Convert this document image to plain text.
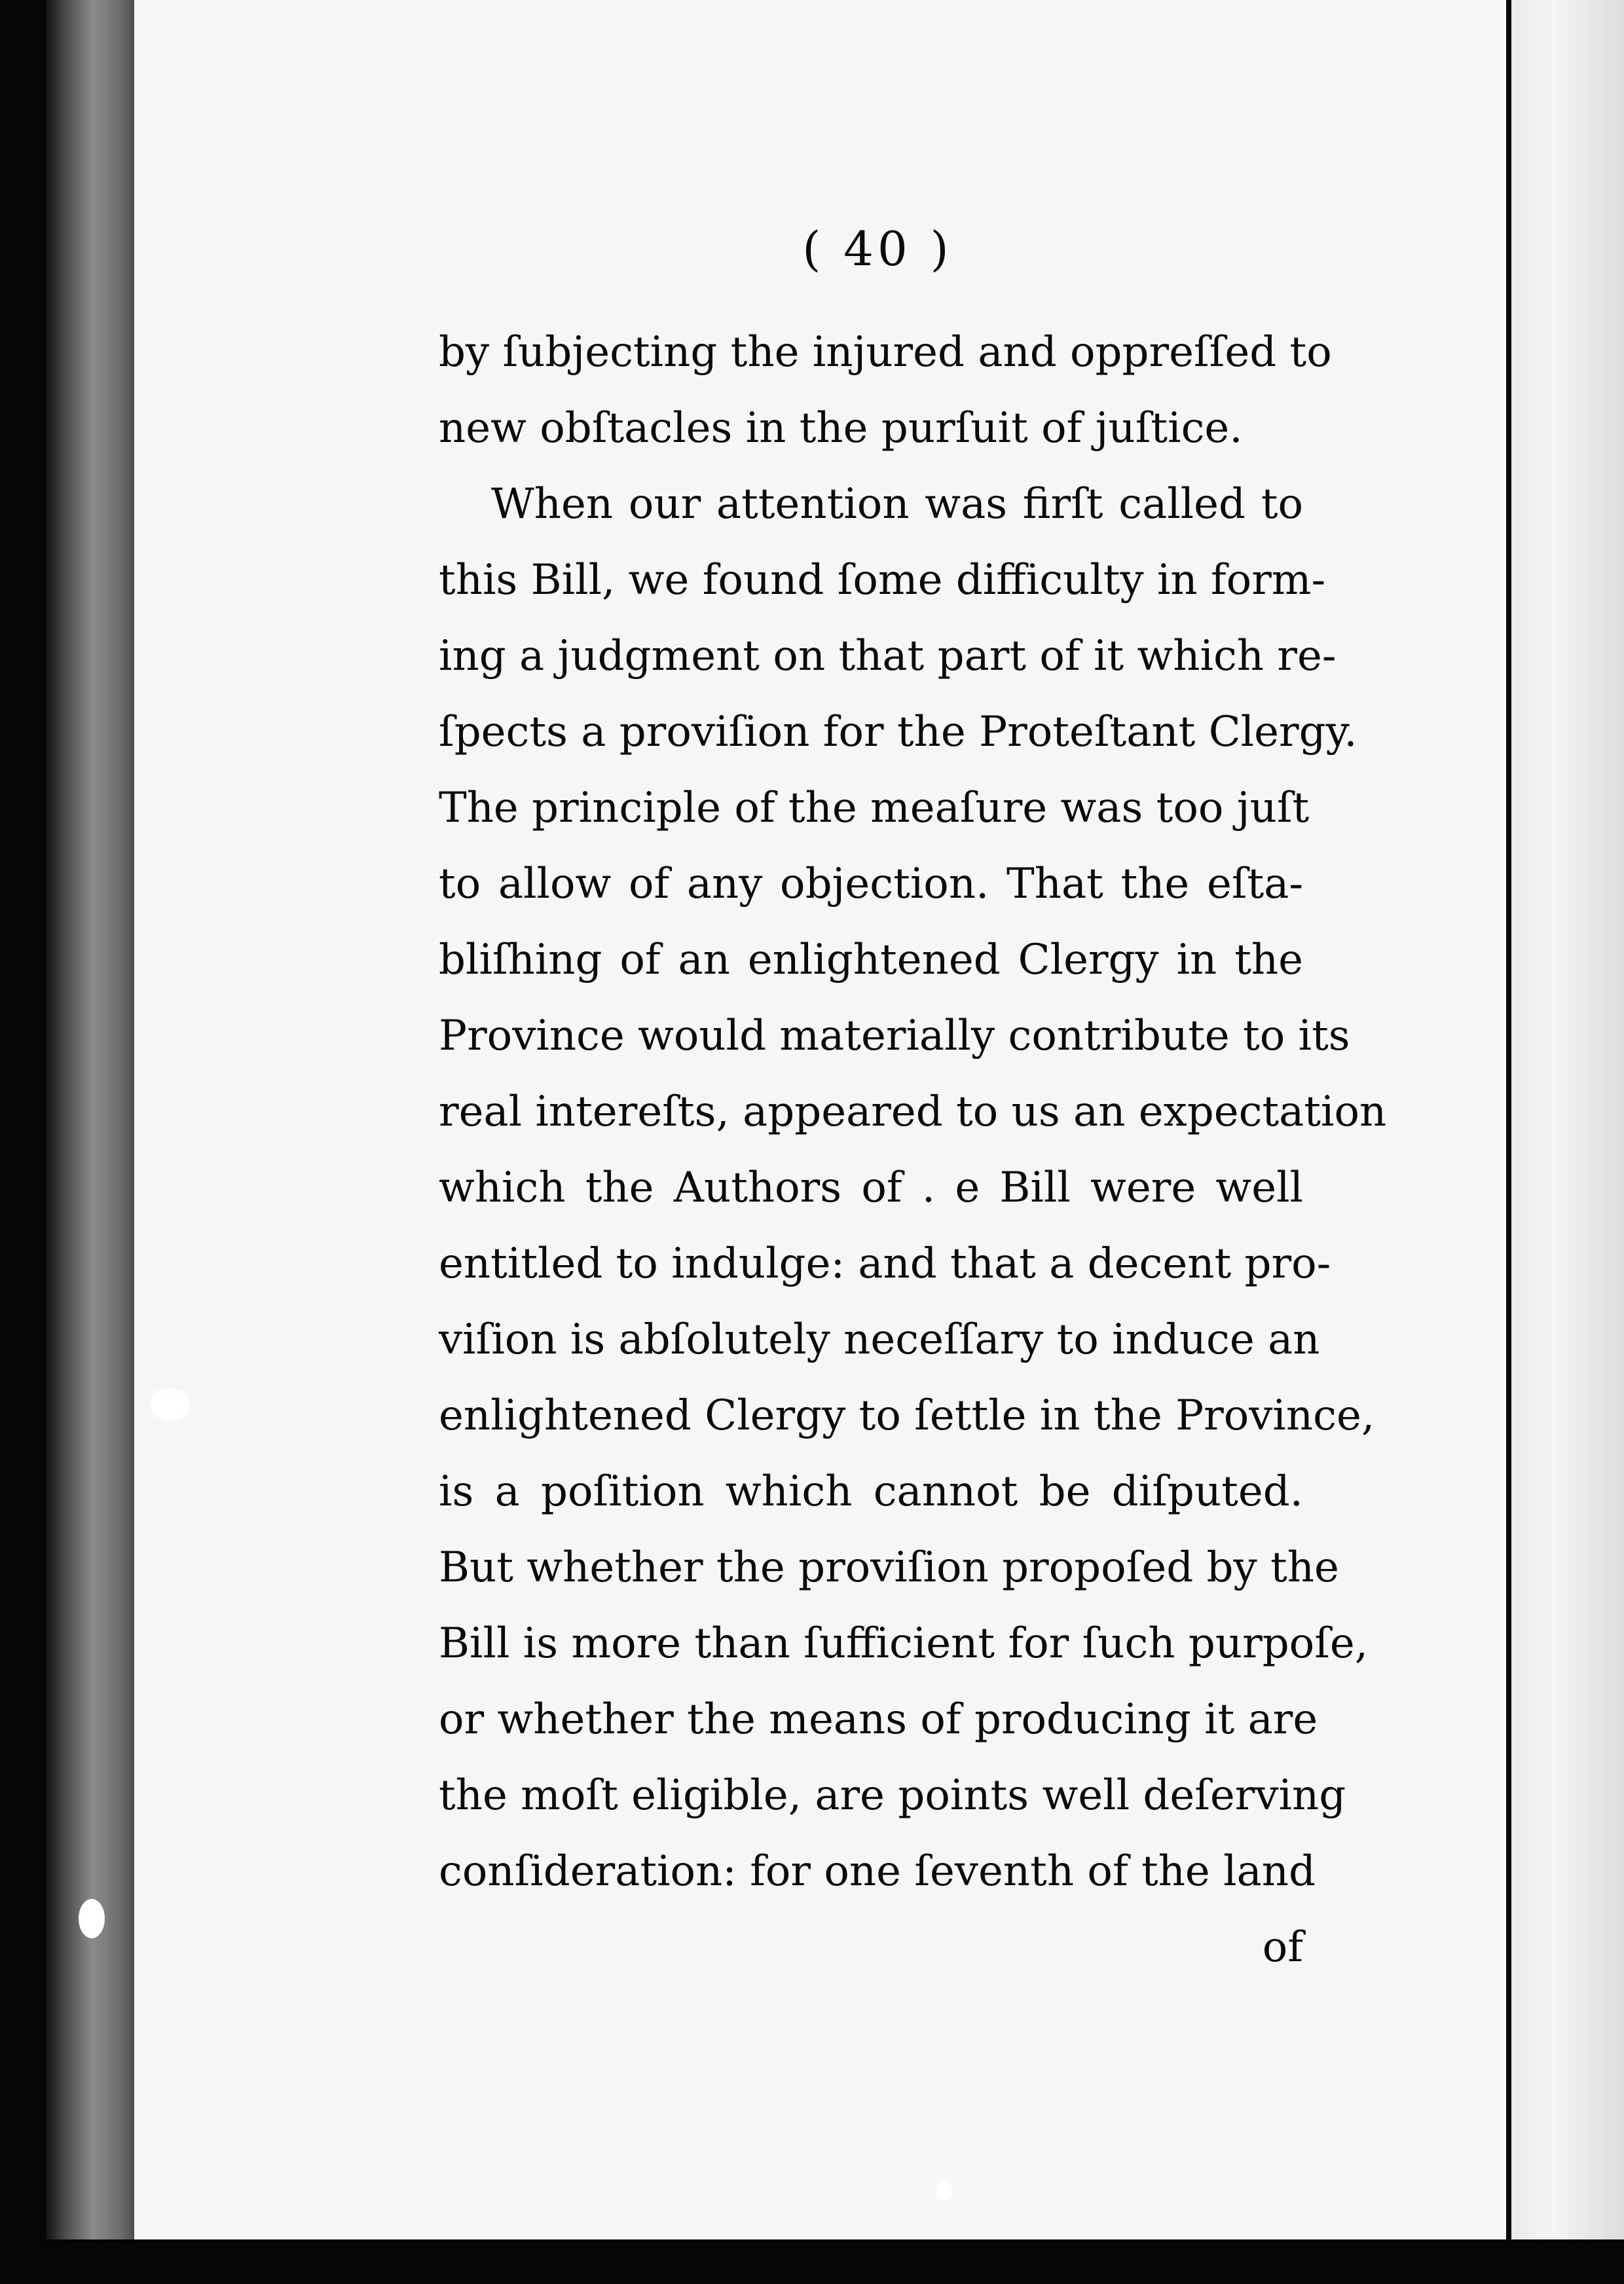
( 40 )
by ſubjecting the injured and oppreſſed to
new obſtacles in the purſuit of juſtice.
When our attention was firſt called to
this Bill, we found ſome difficulty in form-
ing a judgment on that part of it which re-
ſpects a proviſion for the Proteſtant Clergy.
The principle of the meaſure was too juſt
to allow of any objection. That the eſta-
bliſhing of an enlightened Clergy in the
Province would materially contribute to its
real intereſts, appeared to us an expectation
which the Authors of . e Bill were well
entitled to indulge: and that a decent pro-
viſion is abſolutely neceſſary to induce an
enlightened Clergy to ſettle in the Province,
is a poſition which cannot be diſputed.
But whether the proviſion propoſed by the
Bill is more than ſufficient for ſuch purpoſe,
or whether the means of producing it are
the moſt eligible, are points well deſerving
conſideration: for one ſeventh of the land
of
